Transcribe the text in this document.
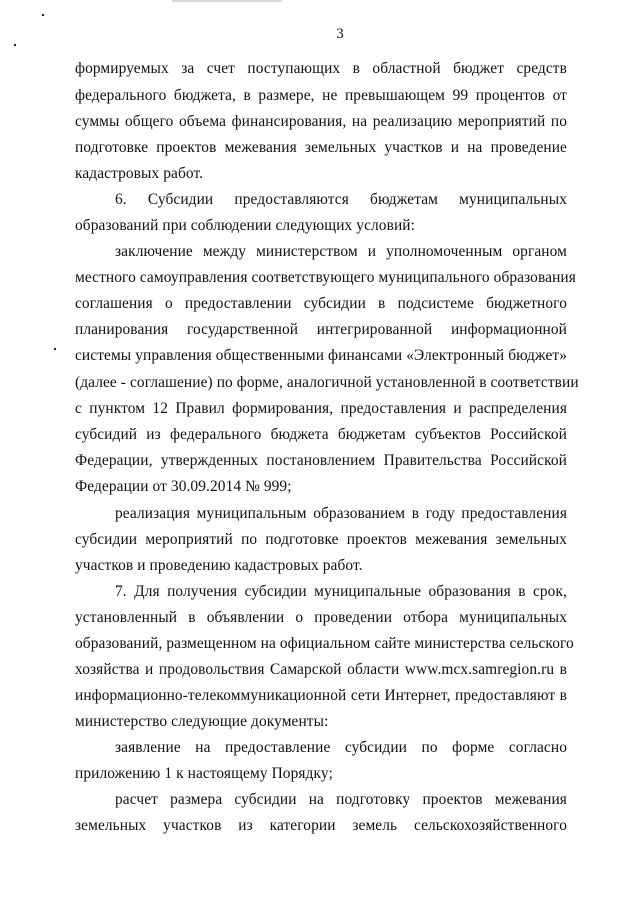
3
формируемых за счет поступающих в областной бюджет средств
федерального бюджета, в размере, не превышающем 99 процентов от
суммы общего объема финансирования, на реализацию мероприятий по
подготовке проектов межевания земельных участков и на проведение
кадастровых работ.
6. Субсидии предоставляются бюджетам муниципальных
образований при соблюдении следующих условий:
заключение между министерством и уполномоченным органом
местного самоуправления соответствующего муниципального образования
соглашения о предоставлении субсидии в подсистеме бюджетного
планирования государственной интегрированной информационной
системы управления общественными финансами «Электронный бюджет»
(далее - соглашение) по форме, аналогичной установленной в соответствии
с пунктом 12 Правил формирования, предоставления и распределения
субсидий из федерального бюджета бюджетам субъектов Российской
Федерации, утвержденных постановлением Правительства Российской
Федерации от 30.09.2014 № 999;
реализация муниципальным образованием в году предоставления
субсидии мероприятий по подготовке проектов межевания земельных
участков и проведению кадастровых работ.
7. Для получения субсидии муниципальные образования в срок,
установленный в объявлении о проведении отбора муниципальных
образований, размещенном на официальном сайте министерства сельского
хозяйства и продовольствия Самарской области www.mcx.samregion.ru в
информационно-телекоммуникационной сети Интернет, предоставляют в
министерство следующие документы:
заявление на предоставление субсидии по форме согласно
приложению 1 к настоящему Порядку;
расчет размера субсидии на подготовку проектов межевания
земельных участков из категории земель сельскохозяйственного
